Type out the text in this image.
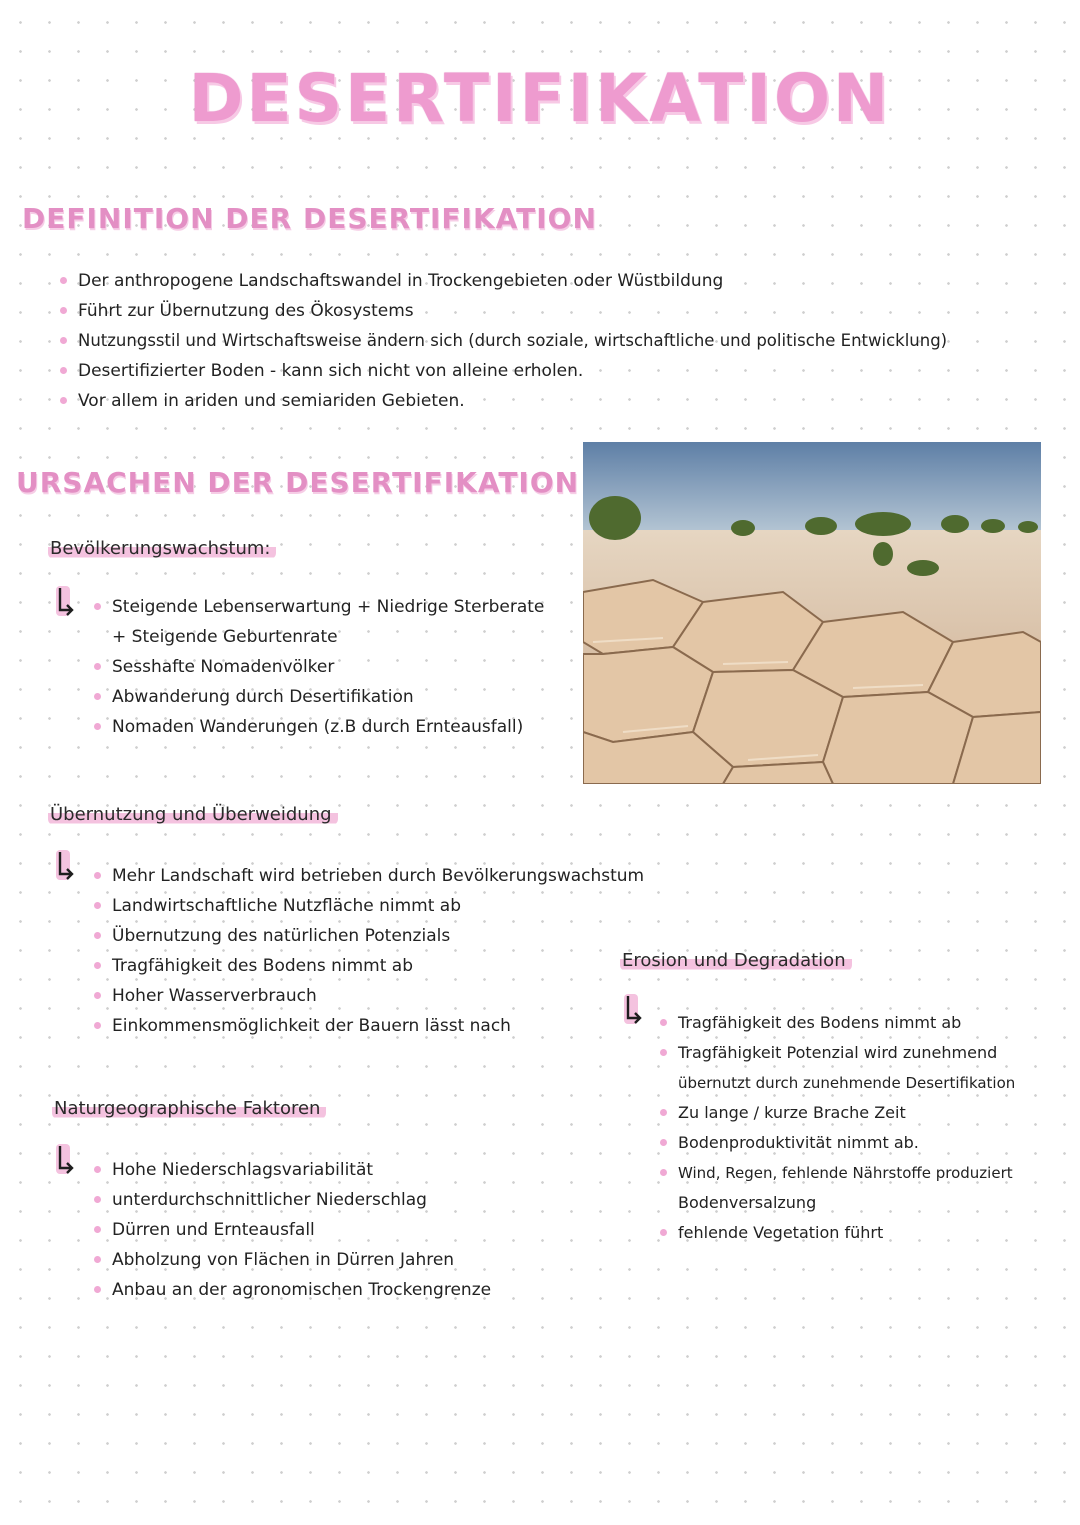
DESERTIFIKATION
DEFINITION DER DESERTIFIKATION
Der anthropogene Landschaftswandel in Trockengebieten oder Wüstbildung
Führt zur Übernutzung des Ökosystems
Nutzungsstil und Wirtschaftsweise ändern sich (durch soziale, wirtschaftliche und politische Entwicklung)
Desertifizierter Boden - kann sich nicht von alleine erholen.
Vor allem in ariden und semiariden Gebieten.
URSACHEN DER DESERTIFIKATION
Bevölkerungswachstum:
Steigende Lebenserwartung + Niedrige Sterberate
+ Steigende Geburtenrate
Sesshafte Nomadenvölker
Abwanderung durch Desertifikation
Nomaden Wanderungen (z.B durch Ernteausfall)
Übernutzung und Überweidung
Mehr Landschaft wird betrieben durch Bevölkerungswachstum
Landwirtschaftliche Nutzfläche nimmt ab
Übernutzung des natürlichen Potenzials
Tragfähigkeit des Bodens nimmt ab
Hoher Wasserverbrauch
Einkommensmöglichkeit der Bauern lässt nach
Erosion und Degradation
Tragfähigkeit des Bodens nimmt ab
Tragfähigkeit Potenzial wird zunehmend
übernutzt durch zunehmende Desertifikation
Zu lange / kurze Brache Zeit
Bodenproduktivität nimmt ab.
Wind, Regen, fehlende Nährstoffe produziert
Bodenversalzung
fehlende Vegetation führt
Naturgeographische Faktoren
Hohe Niederschlagsvariabilität
unterdurchschnittlicher Niederschlag
Dürren und Ernteausfall
Abholzung von Flächen in Dürren Jahren
Anbau an der agronomischen Trockengrenze
